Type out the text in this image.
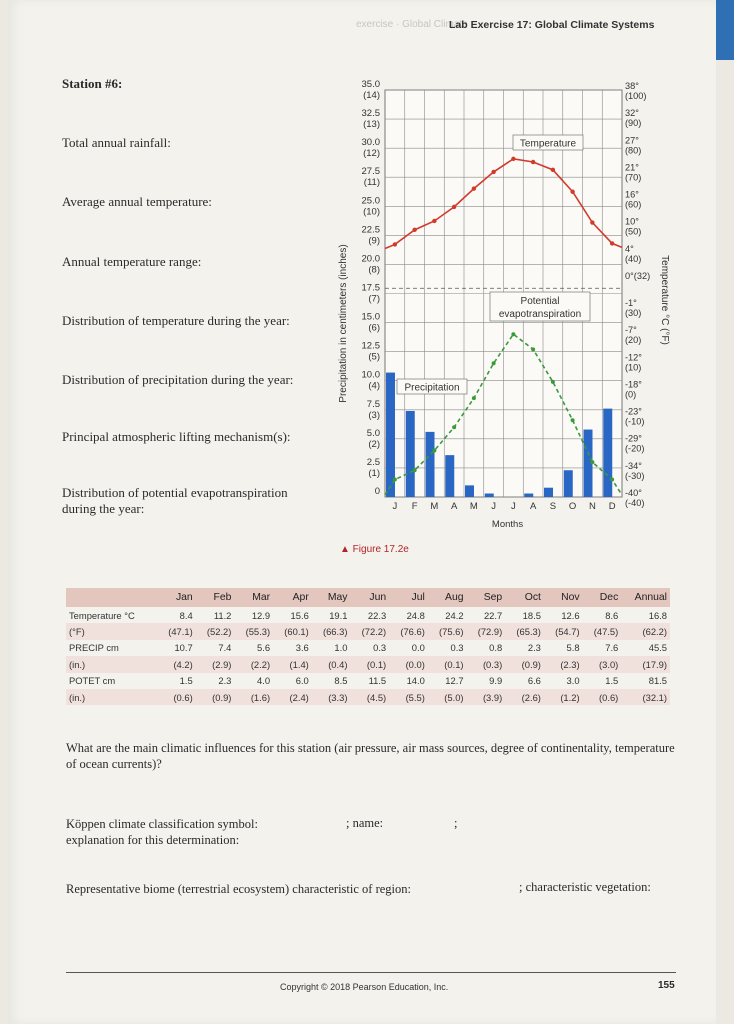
exercise · Global Climate
Lab Exercise 17: Global Climate Systems
Station #6:
Total annual rainfall:
Average annual temperature:
Annual temperature range:
Distribution of temperature during the year:
Distribution of precipitation during the year:
Principal atmospheric lifting mechanism(s):
Distribution of potential evapotranspiration
during the year:
35.0
(14)
32.5
(13)
30.0
(12)
27.5
(11)
25.0
(10)
22.5
(9)
20.0
(8)
17.5
(7)
15.0
(6)
12.5
(5)
10.0
(4)
7.5
(3)
5.0
(2)
2.5
(1)
0
Precipitation in centimeters (inches)
38°
(100)
32°
(90)
27°
(80)
21°
(70)
16°
(60)
10°
(50)
4°
(40)
0°(32)
-1°
(30)
-7°
(20)
-12°
(10)
-18°
(0)
-23°
(-10)
-29°
(-20)
-34°
(-30)
-40°
(-40)
Temperature °C (°F)
J F M A M J J A S O N D
Months
Temperature
Potential
evapotranspiration
Precipitation
▲ Figure 17.2e
	Jan	Feb	Mar	Apr	May	Jun	Jul	Aug	Sep	Oct	Nov	Dec	Annual
Temperature °C	8.4	11.2	12.9	15.6	19.1	22.3	24.8	24.2	22.7	18.5	12.6	8.6	16.8
(°F)	(47.1)	(52.2)	(55.3)	(60.1)	(66.3)	(72.2)	(76.6)	(75.6)	(72.9)	(65.3)	(54.7)	(47.5)	(62.2)
PRECIP cm	10.7	7.4	5.6	3.6	1.0	0.3	0.0	0.3	0.8	2.3	5.8	7.6	45.5
(in.)	(4.2)	(2.9)	(2.2)	(1.4)	(0.4)	(0.1)	(0.0)	(0.1)	(0.3)	(0.9)	(2.3)	(3.0)	(17.9)
POTET cm	1.5	2.3	4.0	6.0	8.5	11.5	14.0	12.7	9.9	6.6	3.0	1.5	81.5
(in.)	(0.6)	(0.9)	(1.6)	(2.4)	(3.3)	(4.5)	(5.5)	(5.0)	(3.9)	(2.6)	(1.2)	(0.6)	(32.1)
What are the main climatic influences for this station (air pressure, air mass sources, degree of continentality, temperature of ocean currents)?
Köppen climate classification symbol:
explanation for this determination:
; name:	;
Representative biome (terrestrial ecosystem) characteristic of region:	; characteristic vegetation:
Copyright © 2018 Pearson Education, Inc.	155
